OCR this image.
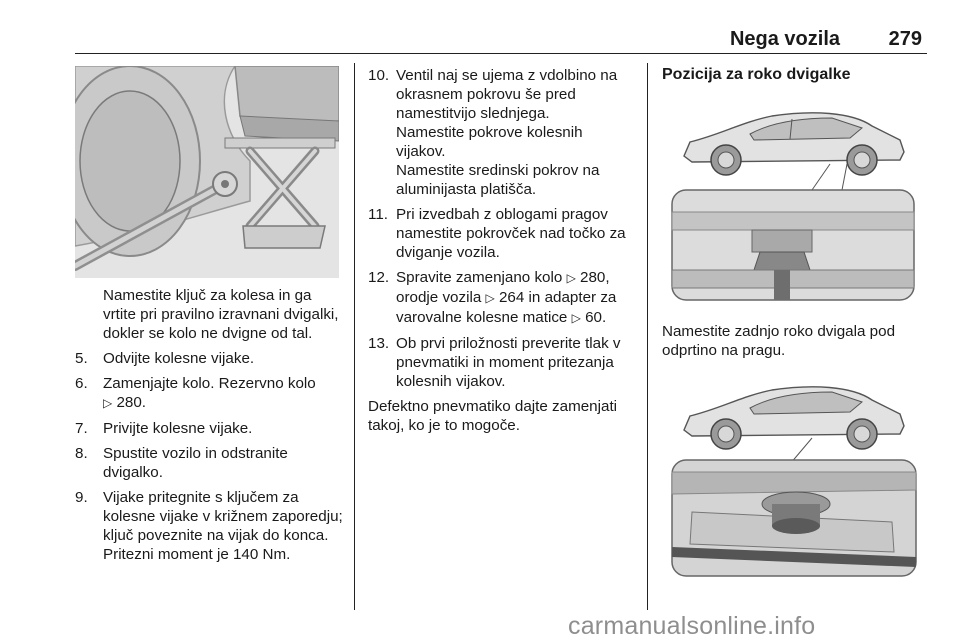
Nega vozila	279

Namestite ključ za kolesa in ga vrtite pri pravilno izravnani dvigalki, dokler se kolo ne dvigne od tal.

5. Odvijte kolesne vijake.
6. Zamenjajte kolo. Rezervno kolo
▷ 280.
7. Privijte kolesne vijake.
8. Spustite vozilo in odstranite dvigalko.
9. Vijake pritegnite s ključem za kolesne vijake v križnem zaporedju; ključ poveznite na vijak do konca. Pritezni moment je 140 Nm.
10. Ventil naj se ujema z vdolbino na okrasnem pokrovu še pred namestitvijo slednjega.

Namestite pokrove kolesnih vijakov.

Namestite sredinski pokrov na aluminijasta platišča.

11. Pri izvedbah z oblogami pragov namestite pokrovček nad točko za dviganje vozila.
12. Spravite zamenjano kolo ▷ 280, orodje vozila ▷ 264 in adapter za varovalne kolesne matice ▷ 60.
13. Ob prvi priložnosti preverite tlak v pnevmatiki in moment pritezanja kolesnih vijakov.

Defektno pnevmatiko dajte zamenjati takoj, ko je to mogoče.

Pozicija za roko dvigalke

Namestite zadnjo roko dvigala pod odprtino na pragu.

carmanualsonline.info
